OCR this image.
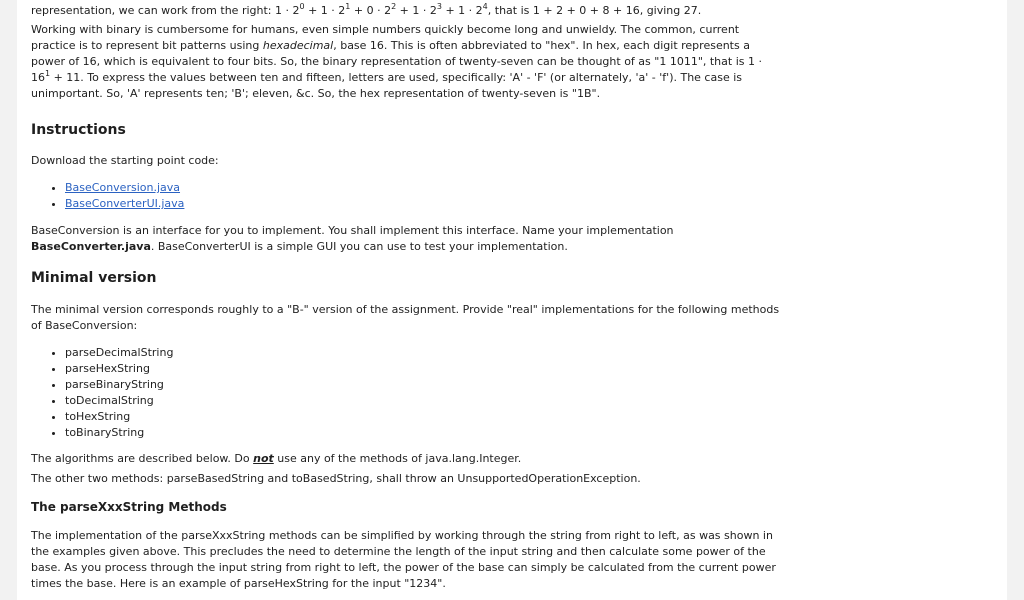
representation, we can work from the right: $1 \cdot 2^0 + 1 \cdot 2^1 + 0 \cdot 2^2 + 1 \cdot 2^3 + 1 \cdot 2^4$, that is 1 + 2 + 0 + 8 + 16, giving 27.

Working with binary is cumbersome for humans, even simple numbers quickly become long and unwieldy. The common, current practice is to represent bit patterns using hexadecimal, base 16. This is often abbreviated to "hex". In hex, each digit represents a power of 16, which is equivalent to four bits. So, the binary representation of twenty-seven can be thought of as "1 1011", that is $1 \cdot 16^1 + 11$. To express the values between ten and fifteen, letters are used, specifically: 'A' - 'F' (or alternately, 'a' - 'f'). The case is unimportant. So, 'A' represents ten; 'B'; eleven, &c. So, the hex representation of twenty-seven is "1B".

Instructions

Download the starting point code:

• BaseConversion.java
• BaseConverterUI.java

BaseConversion is an interface for you to implement. You shall implement this interface. Name your implementation BaseConverter.java. BaseConverterUI is a simple GUI you can use to test your implementation.

Minimal version

The minimal version corresponds roughly to a "B-" version of the assignment. Provide "real" implementations for the following methods of BaseConversion:

• parseDecimalString
• parseHexString
• parseBinaryString
• toDecimalString
• toHexString
• toBinaryString

The algorithms are described below. Do not use any of the methods of java.lang.Integer.

The other two methods: parseBasedString and toBasedString, shall throw an UnsupportedOperationException.

The parseXxxString Methods

The implementation of the parseXxxString methods can be simplified by working through the string from right to left, as was shown in the examples given above. This precludes the need to determine the length of the input string and then calculate some power of the base. As you process through the input string from right to left, the power of the base can simply be calculated from the current power times the base. Here is an example of parseHexString for the input "1234".
